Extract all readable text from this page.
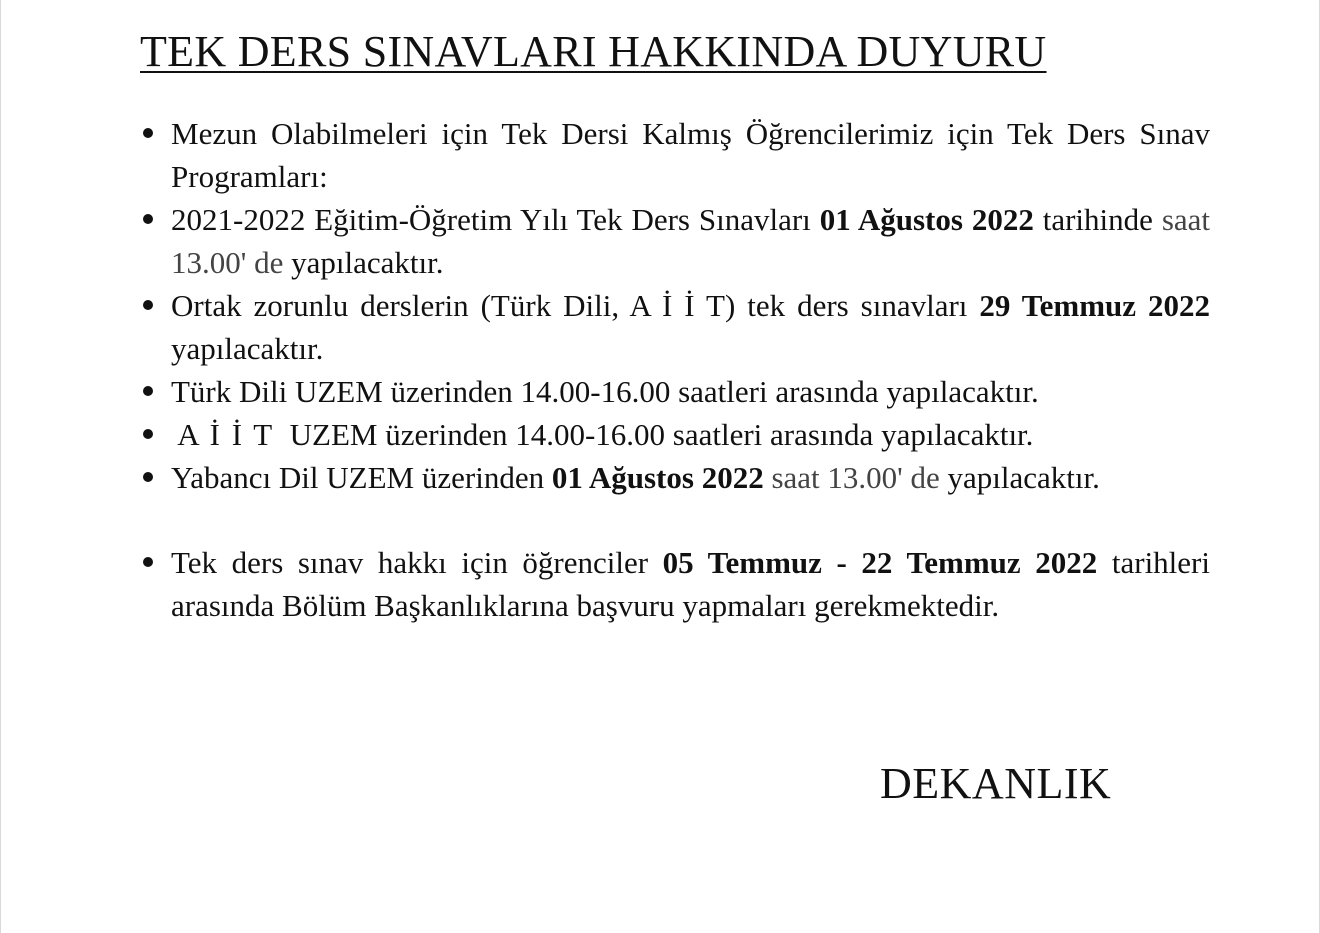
TEK DERS SINAVLARI HAKKINDA DUYURU
Mezun Olabilmeleri için Tek Dersi Kalmış Öğrencilerimiz için Tek Ders Sınav Programları:
2021-2022 Eğitim-Öğretim Yılı Tek Ders Sınavları 01 Ağustos 2022 tarihinde saat 13.00' de yapılacaktır.
Ortak zorunlu derslerin (Türk Dili, A İ İ T) tek ders sınavları 29 Temmuz 2022 yapılacaktır.
Türk Dili UZEM üzerinden 14.00-16.00 saatleri arasında yapılacaktır.
 A İ İ T  UZEM üzerinden 14.00-16.00 saatleri arasında yapılacaktır.
Yabancı Dil UZEM üzerinden 01 Ağustos 2022 saat 13.00' de yapılacaktır.
Tek ders sınav hakkı için öğrenciler 05 Temmuz - 22 Temmuz 2022 tarihleri arasında Bölüm Başkanlıklarına başvuru yapmaları gerekmektedir.
DEKANLIK
